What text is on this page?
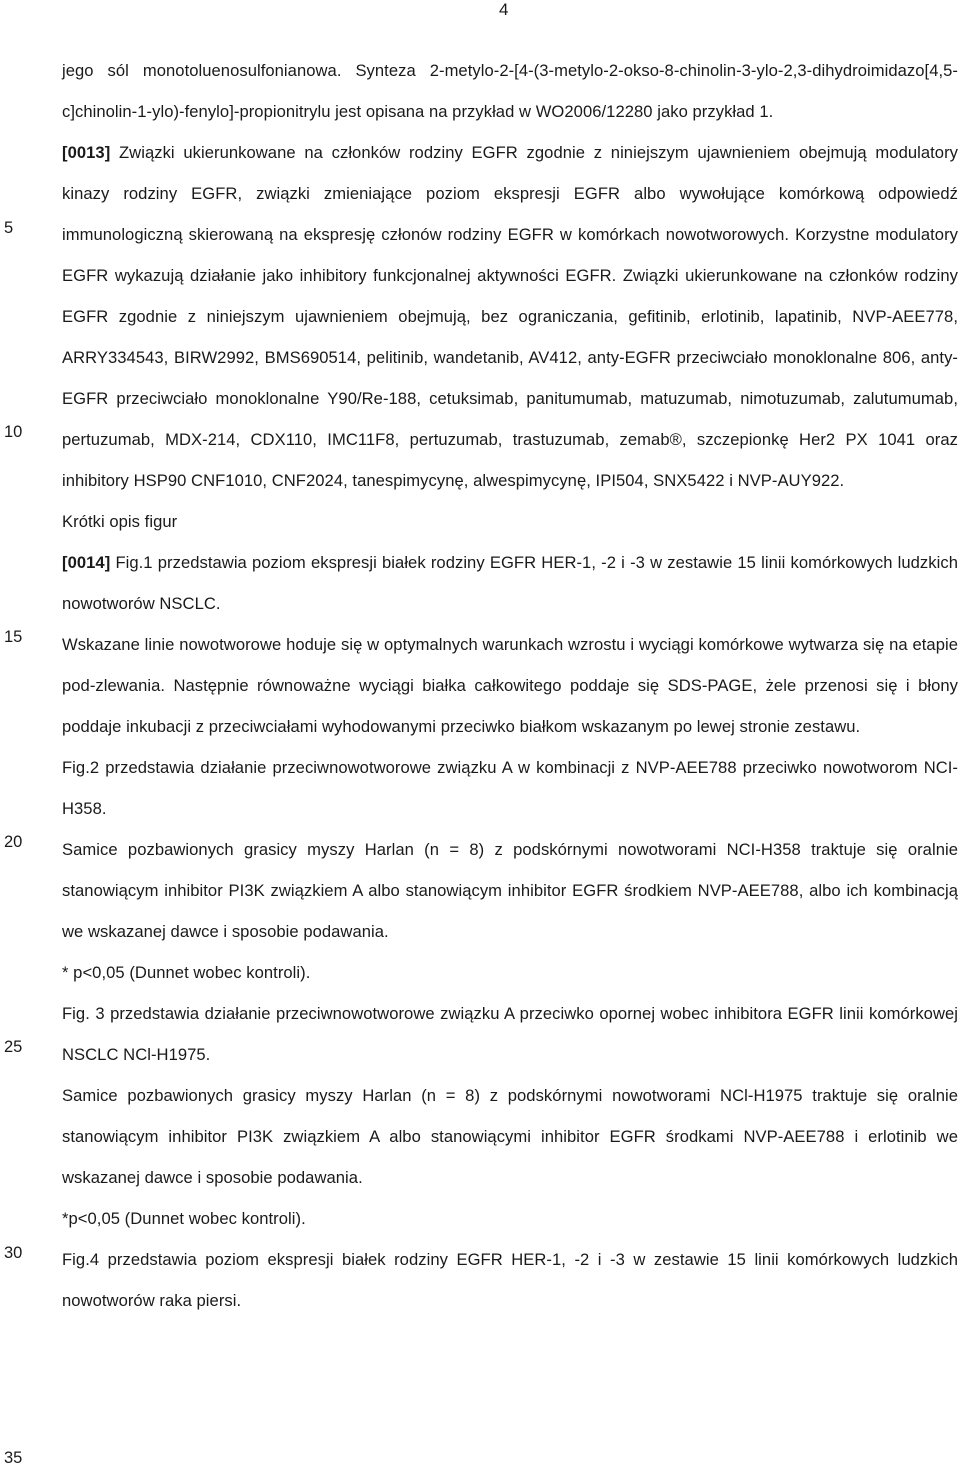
4
5
10
15
20
25
30
35

jego sól monotoluenosulfonianowa. Synteza 2-metylo-2-[4-(3-metylo-2-okso-8-chinolin-3-ylo-2,3-dihydroimidazo[4,5-c]chinolin-1-ylo)-fenylo]-propionitrylu jest opisana na przykład w WO2006/12280 jako przykład 1.

[0013] Związki ukierunkowane na członków rodziny EGFR zgodnie z niniejszym ujawnieniem obejmują modulatory kinazy rodziny EGFR, związki zmieniające poziom ekspresji EGFR albo wywołujące komórkową odpowiedź immunologiczną skierowaną na ekspresję członów rodziny EGFR w komórkach nowotworowych. Korzystne modulatory EGFR wykazują działanie jako inhibitory funkcjonalnej aktywności EGFR. Związki ukierunkowane na członków rodziny EGFR zgodnie z niniejszym ujawnieniem obejmują, bez ograniczania, gefitinib, erlotinib, lapatinib, NVP-AEE778, ARRY334543, BIRW2992, BMS690514, pelitinib, wandetanib, AV412, anty-EGFR przeciwciało monoklonalne 806, anty-EGFR przeciwciało monoklonalne Y90/Re-188, cetuksimab, panitumumab, matuzumab, nimotuzumab, zalutumumab, pertuzumab, MDX-214, CDX110, IMC11F8, pertuzumab, trastuzumab, zemab®, szczepionkę Her2 PX 1041 oraz inhibitory HSP90 CNF1010, CNF2024, tanespimycynę, alwespimycynę, IPI504, SNX5422 i NVP-AUY922.

Krótki opis figur

[0014] Fig.1 przedstawia poziom ekspresji białek rodziny EGFR HER-1, -2 i -3 w zestawie 15 linii komórkowych ludzkich nowotworów NSCLC.

Wskazane linie nowotworowe hoduje się w optymalnych warunkach wzrostu i wyciągi komórkowe wytwarza się na etapie pod-zlewania. Następnie równoważne wyciągi białka całkowitego poddaje się SDS-PAGE, żele przenosi się i błony poddaje inkubacji z przeciwciałami wyhodowanymi przeciwko białkom wskazanym po lewej stronie zestawu.

Fig.2 przedstawia działanie przeciwnowotworowe związku A w kombinacji z NVP-AEE788 przeciwko nowotworom NCI-H358.

Samice pozbawionych grasicy myszy Harlan (n = 8) z podskórnymi nowotworami NCI-H358 traktuje się oralnie stanowiącym inhibitor PI3K związkiem A albo stanowiącym inhibitor EGFR środkiem NVP-AEE788, albo ich kombinacją we wskazanej dawce i sposobie podawania.

* p<0,05 (Dunnet wobec kontroli).

Fig. 3 przedstawia działanie przeciwnowotworowe związku A przeciwko opornej wobec inhibitora EGFR linii komórkowej NSCLC NCl-H1975.

Samice pozbawionych grasicy myszy Harlan (n = 8) z podskórnymi nowotworami NCl-H1975 traktuje się oralnie stanowiącym inhibitor PI3K związkiem A albo stanowiącymi inhibitor EGFR środkami NVP-AEE788 i erlotinib we wskazanej dawce i sposobie podawania.

*p<0,05 (Dunnet wobec kontroli).

Fig.4 przedstawia poziom ekspresji białek rodziny EGFR HER-1, -2 i -3 w zestawie 15 linii komórkowych ludzkich nowotworów raka piersi.
